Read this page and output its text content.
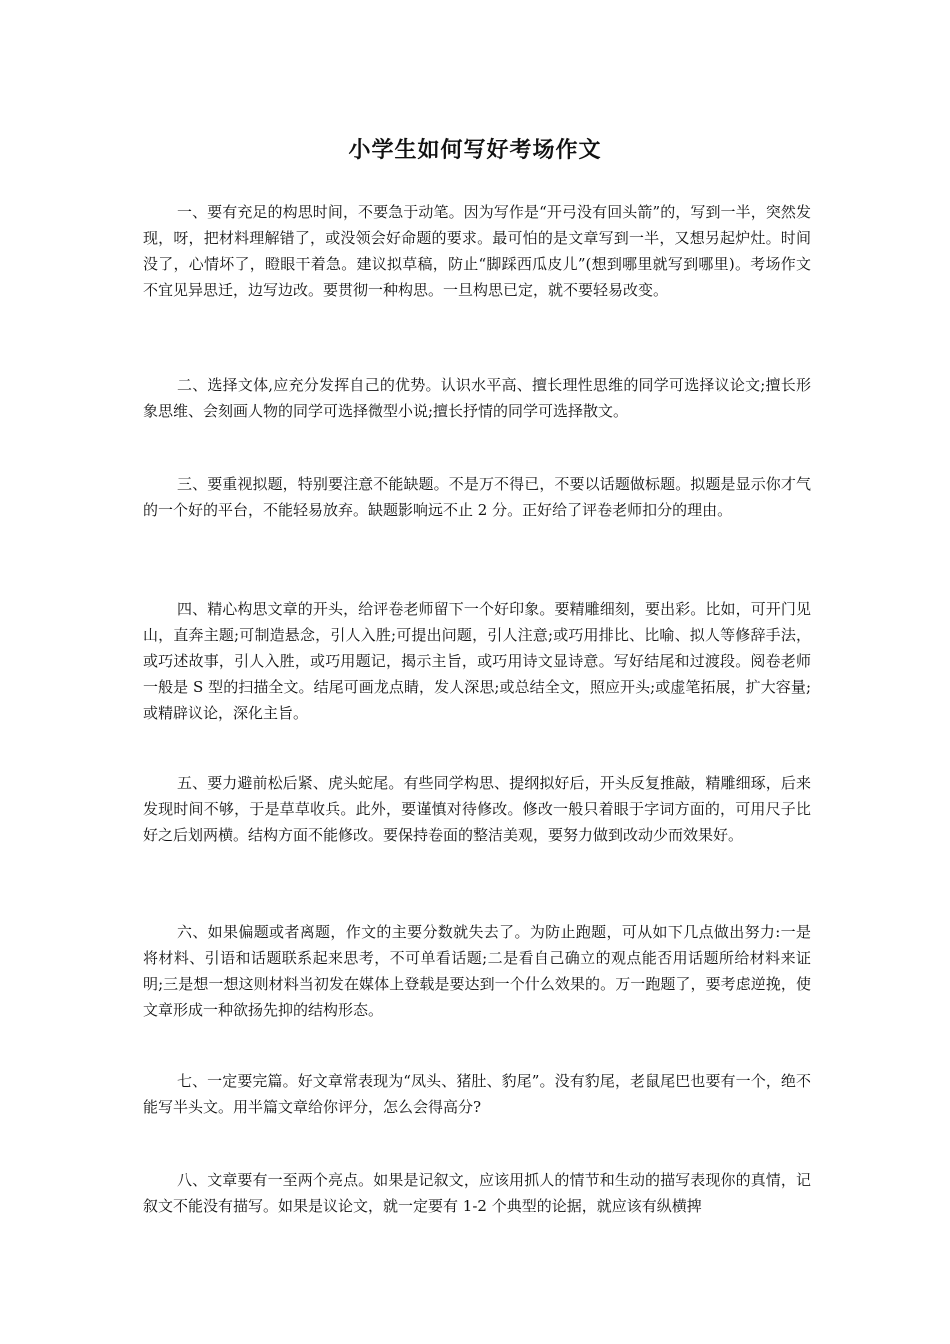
小学生如何写好考场作文

一、要有充足的构思时间，不要急于动笔。因为写作是“开弓没有回头箭”的，写到一半，突然发现，呀，把材料理解错了，或没领会好命题的要求。最可怕的是文章写到一半，又想另起炉灶。时间没了，心情坏了，瞪眼干着急。建议拟草稿，防止“脚踩西瓜皮儿”(想到哪里就写到哪里)。考场作文不宜见异思迁，边写边改。要贯彻一种构思。一旦构思已定，就不要轻易改变。

二、选择文体,应充分发挥自己的优势。认识水平高、擅长理性思维的同学可选择议论文;擅长形象思维、会刻画人物的同学可选择微型小说;擅长抒情的同学可选择散文。

三、要重视拟题，特别要注意不能缺题。不是万不得已，不要以话题做标题。拟题是显示你才气的一个好的平台，不能轻易放弃。缺题影响远不止 2 分。正好给了评卷老师扣分的理由。

四、精心构思文章的开头，给评卷老师留下一个好印象。要精雕细刻，要出彩。比如，可开门见山，直奔主题;可制造悬念，引人入胜;可提出问题，引人注意;或巧用排比、比喻、拟人等修辞手法，或巧述故事，引人入胜，或巧用题记，揭示主旨，或巧用诗文显诗意。写好结尾和过渡段。阅卷老师一般是 S 型的扫描全文。结尾可画龙点睛，发人深思;或总结全文，照应开头;或虚笔拓展，扩大容量;或精辟议论，深化主旨。

五、要力避前松后紧、虎头蛇尾。有些同学构思、提纲拟好后，开头反复推敲，精雕细琢，后来发现时间不够，于是草草收兵。此外，要谨慎对待修改。修改一般只着眼于字词方面的，可用尺子比好之后划两横。结构方面不能修改。要保持卷面的整洁美观，要努力做到改动少而效果好。

六、如果偏题或者离题，作文的主要分数就失去了。为防止跑题，可从如下几点做出努力:一是将材料、引语和话题联系起来思考，不可单看话题;二是看自己确立的观点能否用话题所给材料来证明;三是想一想这则材料当初发在媒体上登载是要达到一个什么效果的。万一跑题了，要考虑逆挽，使文章形成一种欲扬先抑的结构形态。

七、一定要完篇。好文章常表现为“凤头、猪肚、豹尾”。没有豹尾，老鼠尾巴也要有一个，绝不能写半头文。用半篇文章给你评分，怎么会得高分?

八、文章要有一至两个亮点。如果是记叙文，应该用抓人的情节和生动的描写表现你的真情，记叙文不能没有描写。如果是议论文，就一定要有 1-2 个典型的论据，就应该有纵横捭
